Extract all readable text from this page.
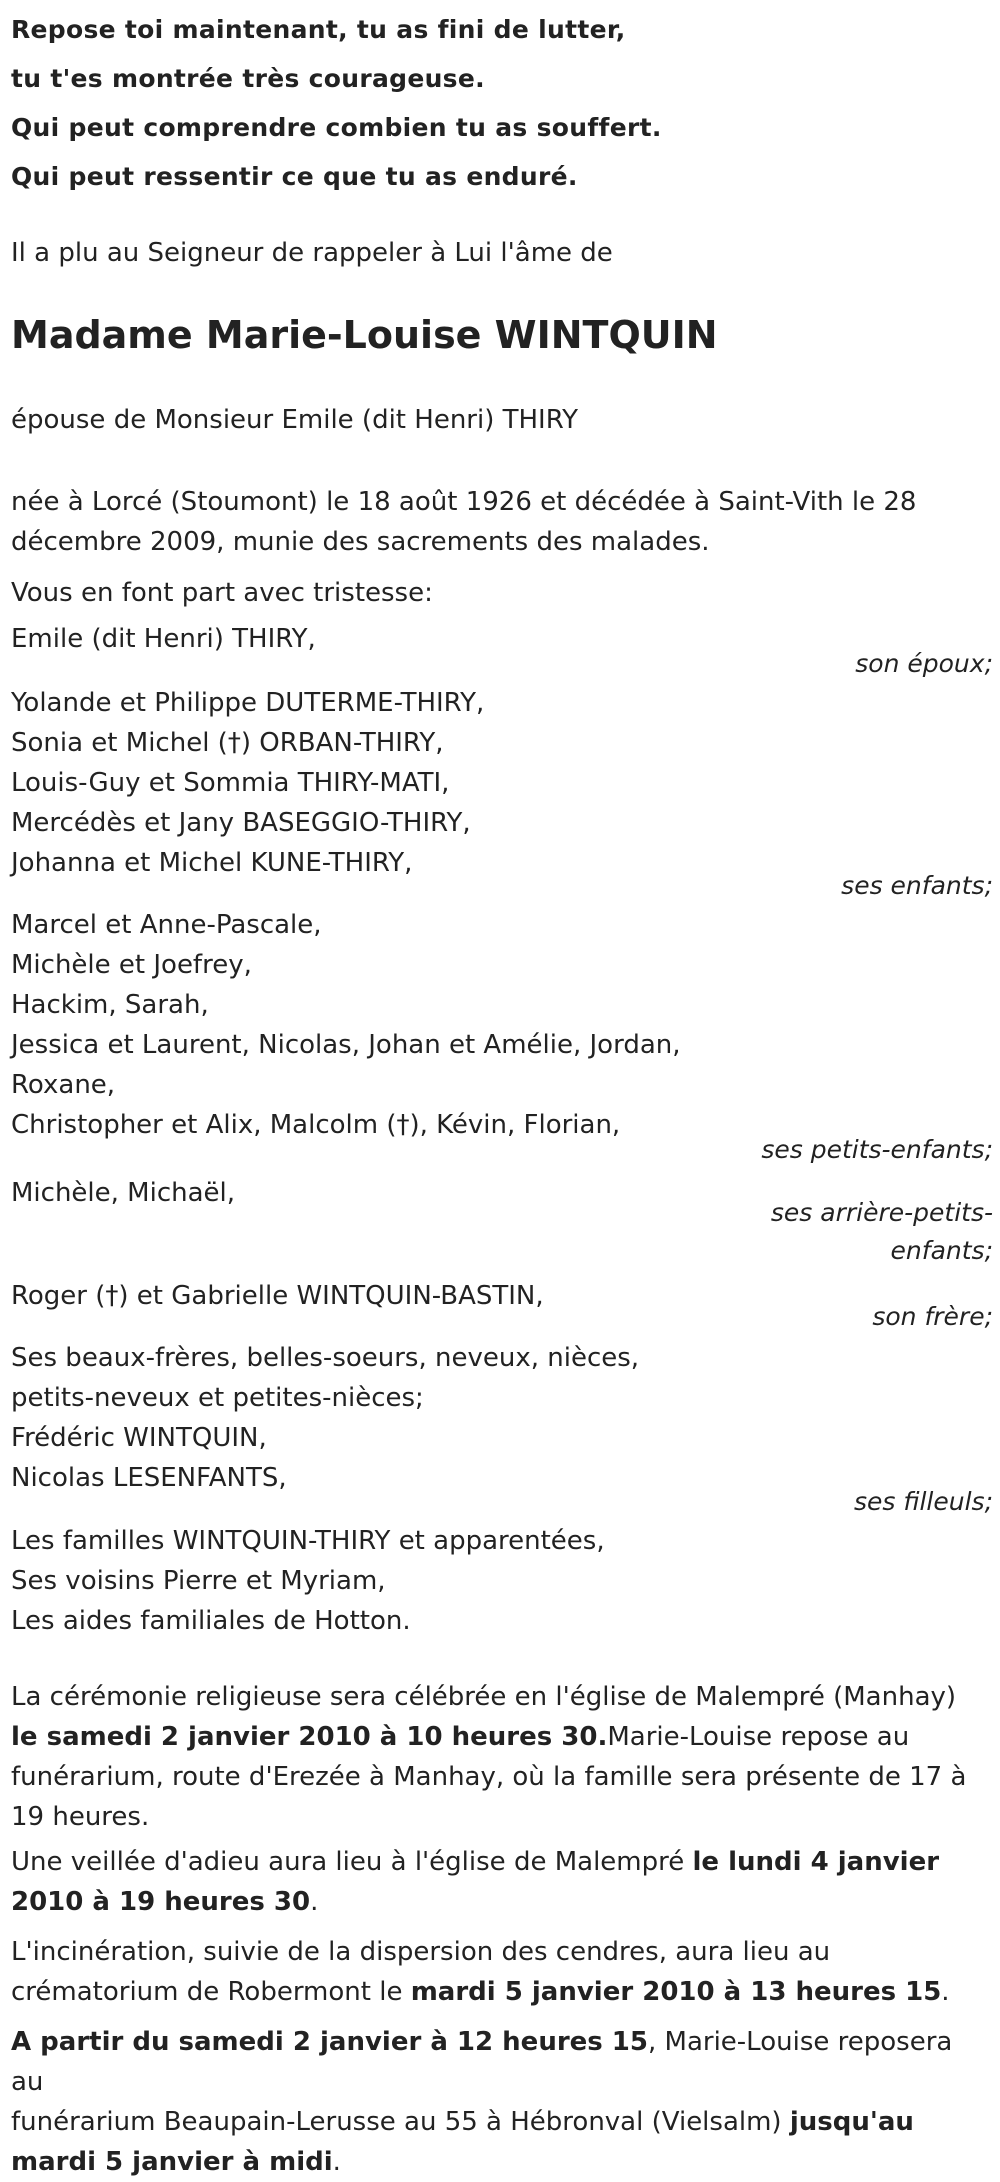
Repose toi maintenant, tu as fini de lutter,
tu t'es montrée très courageuse.
Qui peut comprendre combien tu as souffert.
Qui peut ressentir ce que tu as enduré.
Il a plu au Seigneur de rappeler à Lui l'âme de
Madame Marie-Louise WINTQUIN
épouse de Monsieur Emile (dit Henri) THIRY
née à Lorcé (Stoumont) le 18 août 1926 et décédée à Saint-Vith le 28
décembre 2009, munie des sacrements des malades.
Vous en font part avec tristesse:
Emile (dit Henri) THIRY,
son époux;
Yolande et Philippe DUTERME-THIRY,
Sonia et Michel (†) ORBAN-THIRY,
Louis-Guy et Sommia THIRY-MATI,
Mercédès et Jany BASEGGIO-THIRY,
Johanna et Michel KUNE-THIRY,
ses enfants;
Marcel et Anne-Pascale,
Michèle et Joefrey,
Hackim, Sarah,
Jessica et Laurent, Nicolas, Johan et Amélie, Jordan,
Roxane,
Christopher et Alix, Malcolm (†), Kévin, Florian,
ses petits-enfants;
Michèle, Michaël,
ses arrière-petits-
enfants;
Roger (†) et Gabrielle WINTQUIN-BASTIN,
son frère;
Ses beaux-frères, belles-soeurs, neveux, nièces,
petits-neveux et petites-nièces;
Frédéric WINTQUIN,
Nicolas LESENFANTS,
ses filleuls;
Les familles WINTQUIN-THIRY et apparentées,
Ses voisins Pierre et Myriam,
Les aides familiales de Hotton.
La cérémonie religieuse sera célébrée en l'église de Malempré (Manhay)
le samedi 2 janvier 2010 à 10 heures 30.Marie-Louise repose au
funérarium, route d'Erezée à Manhay, où la famille sera présente de 17 à
19 heures.
Une veillée d'adieu aura lieu à l'église de Malempré le lundi 4 janvier
2010 à 19 heures 30.
L'incinération, suivie de la dispersion des cendres, aura lieu au
crématorium de Robermont le mardi 5 janvier 2010 à 13 heures 15.
A partir du samedi 2 janvier à 12 heures 15, Marie-Louise reposera au
funérarium Beaupain-Lerusse au 55 à Hébronval (Vielsalm) jusqu'au
mardi 5 janvier à midi.
